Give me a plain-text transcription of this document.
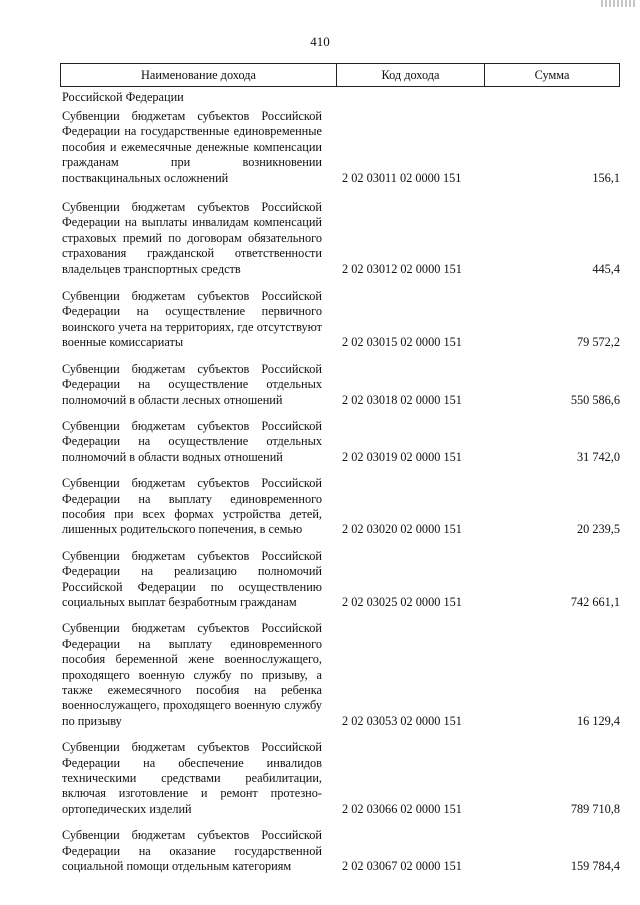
410
Наименование дохода	Код дохода	Сумма
Российской Федерации
Субвенции бюджетам субъектов Российской Федерации на государственные единовременные пособия и ежемесячные денежные компенсации гражданам при возникновении поствакцинальных осложнений	2 02 03011 02 0000 151	156,1
Субвенции бюджетам субъектов Российской Федерации на выплаты инвалидам компенсаций страховых премий по договорам обязательного страхования гражданской ответственности владельцев транспортных средств	2 02 03012 02 0000 151	445,4
Субвенции бюджетам субъектов Российской Федерации на осуществление первичного воинского учета на территориях, где отсутствуют военные комиссариаты	2 02 03015 02 0000 151	79 572,2
Субвенции бюджетам субъектов Российской Федерации на осуществление отдельных полномочий в области лесных отношений	2 02 03018 02 0000 151	550 586,6
Субвенции бюджетам субъектов Российской Федерации на осуществление отдельных полномочий в области водных отношений	2 02 03019 02 0000 151	31 742,0
Субвенции бюджетам субъектов Российской Федерации на выплату единовременного пособия при всех формах устройства детей, лишенных родительского попечения, в семью	2 02 03020 02 0000 151	20 239,5
Субвенции бюджетам субъектов Российской Федерации на реализацию полномочий Российской Федерации по осуществлению социальных выплат безработным гражданам	2 02 03025 02 0000 151	742 661,1
Субвенции бюджетам субъектов Российской Федерации на выплату единовременного пособия беременной жене военнослужащего, проходящего военную службу по призыву, а также ежемесячного пособия на ребенка военнослужащего, проходящего военную службу по призыву	2 02 03053 02 0000 151	16 129,4
Субвенции бюджетам субъектов Российской Федерации на обеспечение инвалидов техническими средствами реабилитации, включая изготовление и ремонт протезно-ортопедических изделий	2 02 03066 02 0000 151	789 710,8
Субвенции бюджетам субъектов Российской Федерации на оказание государственной социальной помощи отдельным категориям	2 02 03067 02 0000 151	159 784,4
